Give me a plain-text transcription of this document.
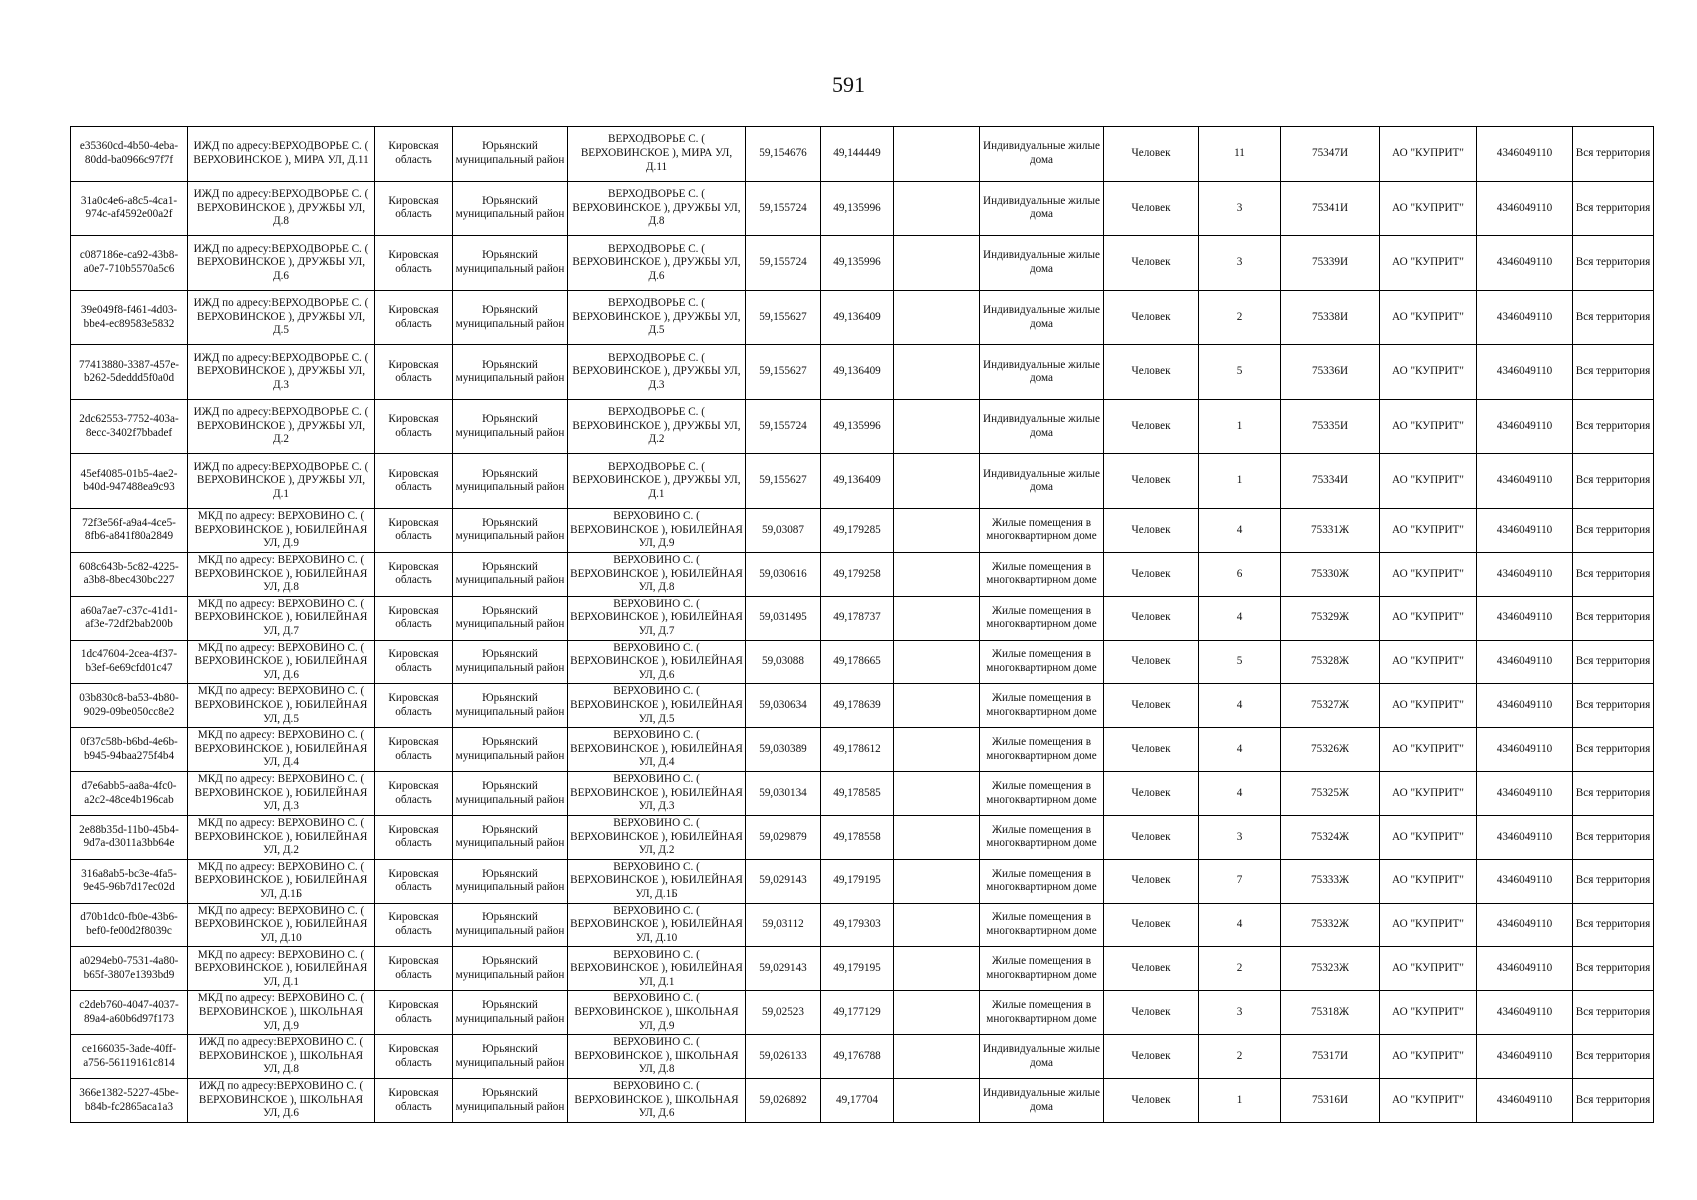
591
e35360cd-4b50-4eba-80dd-ba0966c97f7f	ИЖД по адресу:ВЕРХОДВОРЬЕ С. ( ВЕРХОВИНСКОЕ ), МИРА УЛ, Д.11	Кировская область	Юрьянский муниципальный район	ВЕРХОДВОРЬЕ С. ( ВЕРХОВИНСКОЕ ), МИРА УЛ, Д.11	59,154676	49,144449		Индивидуальные жилые дома	Человек	11	75347И	АО "КУПРИТ"	4346049110	Вся территория
31a0c4e6-a8c5-4ca1-974c-af4592e00a2f	ИЖД по адресу:ВЕРХОДВОРЬЕ С. ( ВЕРХОВИНСКОЕ ), ДРУЖБЫ УЛ, Д.8	Кировская область	Юрьянский муниципальный район	ВЕРХОДВОРЬЕ С. ( ВЕРХОВИНСКОЕ ), ДРУЖБЫ УЛ, Д.8	59,155724	49,135996		Индивидуальные жилые дома	Человек	3	75341И	АО "КУПРИТ"	4346049110	Вся территория
c087186e-ca92-43b8-a0e7-710b5570a5c6	ИЖД по адресу:ВЕРХОДВОРЬЕ С. ( ВЕРХОВИНСКОЕ ), ДРУЖБЫ УЛ, Д.6	Кировская область	Юрьянский муниципальный район	ВЕРХОДВОРЬЕ С. ( ВЕРХОВИНСКОЕ ), ДРУЖБЫ УЛ, Д.6	59,155724	49,135996		Индивидуальные жилые дома	Человек	3	75339И	АО "КУПРИТ"	4346049110	Вся территория
39e049f8-f461-4d03-bbe4-ec89583e5832	ИЖД по адресу:ВЕРХОДВОРЬЕ С. ( ВЕРХОВИНСКОЕ ), ДРУЖБЫ УЛ, Д.5	Кировская область	Юрьянский муниципальный район	ВЕРХОДВОРЬЕ С. ( ВЕРХОВИНСКОЕ ), ДРУЖБЫ УЛ, Д.5	59,155627	49,136409		Индивидуальные жилые дома	Человек	2	75338И	АО "КУПРИТ"	4346049110	Вся территория
77413880-3387-457e-b262-5deddd5f0a0d	ИЖД по адресу:ВЕРХОДВОРЬЕ С. ( ВЕРХОВИНСКОЕ ), ДРУЖБЫ УЛ, Д.3	Кировская область	Юрьянский муниципальный район	ВЕРХОДВОРЬЕ С. ( ВЕРХОВИНСКОЕ ), ДРУЖБЫ УЛ, Д.3	59,155627	49,136409		Индивидуальные жилые дома	Человек	5	75336И	АО "КУПРИТ"	4346049110	Вся территория
2dc62553-7752-403a-8ecc-3402f7bbadef	ИЖД по адресу:ВЕРХОДВОРЬЕ С. ( ВЕРХОВИНСКОЕ ), ДРУЖБЫ УЛ, Д.2	Кировская область	Юрьянский муниципальный район	ВЕРХОДВОРЬЕ С. ( ВЕРХОВИНСКОЕ ), ДРУЖБЫ УЛ, Д.2	59,155724	49,135996		Индивидуальные жилые дома	Человек	1	75335И	АО "КУПРИТ"	4346049110	Вся территория
45ef4085-01b5-4ae2-b40d-947488ea9c93	ИЖД по адресу:ВЕРХОДВОРЬЕ С. ( ВЕРХОВИНСКОЕ ), ДРУЖБЫ УЛ, Д.1	Кировская область	Юрьянский муниципальный район	ВЕРХОДВОРЬЕ С. ( ВЕРХОВИНСКОЕ ), ДРУЖБЫ УЛ, Д.1	59,155627	49,136409		Индивидуальные жилые дома	Человек	1	75334И	АО "КУПРИТ"	4346049110	Вся территория
72f3e56f-a9a4-4ce5-8fb6-a841f80a2849	МКД по адресу: ВЕРХОВИНО С. ( ВЕРХОВИНСКОЕ ), ЮБИЛЕЙНАЯ УЛ, Д.9	Кировская область	Юрьянский муниципальный район	ВЕРХОВИНО С. ( ВЕРХОВИНСКОЕ ), ЮБИЛЕЙНАЯ УЛ, Д.9	59,03087	49,179285		Жилые помещения в многоквартирном доме	Человек	4	75331Ж	АО "КУПРИТ"	4346049110	Вся территория
608c643b-5c82-4225-a3b8-8bec430bc227	МКД по адресу: ВЕРХОВИНО С. ( ВЕРХОВИНСКОЕ ), ЮБИЛЕЙНАЯ УЛ, Д.8	Кировская область	Юрьянский муниципальный район	ВЕРХОВИНО С. ( ВЕРХОВИНСКОЕ ), ЮБИЛЕЙНАЯ УЛ, Д.8	59,030616	49,179258		Жилые помещения в многоквартирном доме	Человек	6	75330Ж	АО "КУПРИТ"	4346049110	Вся территория
a60a7ae7-c37c-41d1-af3e-72df2bab200b	МКД по адресу: ВЕРХОВИНО С. ( ВЕРХОВИНСКОЕ ), ЮБИЛЕЙНАЯ УЛ, Д.7	Кировская область	Юрьянский муниципальный район	ВЕРХОВИНО С. ( ВЕРХОВИНСКОЕ ), ЮБИЛЕЙНАЯ УЛ, Д.7	59,031495	49,178737		Жилые помещения в многоквартирном доме	Человек	4	75329Ж	АО "КУПРИТ"	4346049110	Вся территория
1dc47604-2cea-4f37-b3ef-6e69cfd01c47	МКД по адресу: ВЕРХОВИНО С. ( ВЕРХОВИНСКОЕ ), ЮБИЛЕЙНАЯ УЛ, Д.6	Кировская область	Юрьянский муниципальный район	ВЕРХОВИНО С. ( ВЕРХОВИНСКОЕ ), ЮБИЛЕЙНАЯ УЛ, Д.6	59,03088	49,178665		Жилые помещения в многоквартирном доме	Человек	5	75328Ж	АО "КУПРИТ"	4346049110	Вся территория
03b830c8-ba53-4b80-9029-09be050cc8e2	МКД по адресу: ВЕРХОВИНО С. ( ВЕРХОВИНСКОЕ ), ЮБИЛЕЙНАЯ УЛ, Д.5	Кировская область	Юрьянский муниципальный район	ВЕРХОВИНО С. ( ВЕРХОВИНСКОЕ ), ЮБИЛЕЙНАЯ УЛ, Д.5	59,030634	49,178639		Жилые помещения в многоквартирном доме	Человек	4	75327Ж	АО "КУПРИТ"	4346049110	Вся территория
0f37c58b-b6bd-4e6b-b945-94baa275f4b4	МКД по адресу: ВЕРХОВИНО С. ( ВЕРХОВИНСКОЕ ), ЮБИЛЕЙНАЯ УЛ, Д.4	Кировская область	Юрьянский муниципальный район	ВЕРХОВИНО С. ( ВЕРХОВИНСКОЕ ), ЮБИЛЕЙНАЯ УЛ, Д.4	59,030389	49,178612		Жилые помещения в многоквартирном доме	Человек	4	75326Ж	АО "КУПРИТ"	4346049110	Вся территория
d7e6abb5-aa8a-4fc0-a2c2-48ce4b196cab	МКД по адресу: ВЕРХОВИНО С. ( ВЕРХОВИНСКОЕ ), ЮБИЛЕЙНАЯ УЛ, Д.3	Кировская область	Юрьянский муниципальный район	ВЕРХОВИНО С. ( ВЕРХОВИНСКОЕ ), ЮБИЛЕЙНАЯ УЛ, Д.3	59,030134	49,178585		Жилые помещения в многоквартирном доме	Человек	4	75325Ж	АО "КУПРИТ"	4346049110	Вся территория
2e88b35d-11b0-45b4-9d7a-d3011a3bb64e	МКД по адресу: ВЕРХОВИНО С. ( ВЕРХОВИНСКОЕ ), ЮБИЛЕЙНАЯ УЛ, Д.2	Кировская область	Юрьянский муниципальный район	ВЕРХОВИНО С. ( ВЕРХОВИНСКОЕ ), ЮБИЛЕЙНАЯ УЛ, Д.2	59,029879	49,178558		Жилые помещения в многоквартирном доме	Человек	3	75324Ж	АО "КУПРИТ"	4346049110	Вся территория
316a8ab5-bc3e-4fa5-9e45-96b7d17ec02d	МКД по адресу: ВЕРХОВИНО С. ( ВЕРХОВИНСКОЕ ), ЮБИЛЕЙНАЯ УЛ, Д.1Б	Кировская область	Юрьянский муниципальный район	ВЕРХОВИНО С. ( ВЕРХОВИНСКОЕ ), ЮБИЛЕЙНАЯ УЛ, Д.1Б	59,029143	49,179195		Жилые помещения в многоквартирном доме	Человек	7	75333Ж	АО "КУПРИТ"	4346049110	Вся территория
d70b1dc0-fb0e-43b6-bef0-fe00d2f8039c	МКД по адресу: ВЕРХОВИНО С. ( ВЕРХОВИНСКОЕ ), ЮБИЛЕЙНАЯ УЛ, Д.10	Кировская область	Юрьянский муниципальный район	ВЕРХОВИНО С. ( ВЕРХОВИНСКОЕ ), ЮБИЛЕЙНАЯ УЛ, Д.10	59,03112	49,179303		Жилые помещения в многоквартирном доме	Человек	4	75332Ж	АО "КУПРИТ"	4346049110	Вся территория
a0294eb0-7531-4a80-b65f-3807e1393bd9	МКД по адресу: ВЕРХОВИНО С. ( ВЕРХОВИНСКОЕ ), ЮБИЛЕЙНАЯ УЛ, Д.1	Кировская область	Юрьянский муниципальный район	ВЕРХОВИНО С. ( ВЕРХОВИНСКОЕ ), ЮБИЛЕЙНАЯ УЛ, Д.1	59,029143	49,179195		Жилые помещения в многоквартирном доме	Человек	2	75323Ж	АО "КУПРИТ"	4346049110	Вся территория
c2deb760-4047-4037-89a4-a60b6d97f173	МКД по адресу: ВЕРХОВИНО С. ( ВЕРХОВИНСКОЕ ), ШКОЛЬНАЯ УЛ, Д.9	Кировская область	Юрьянский муниципальный район	ВЕРХОВИНО С. ( ВЕРХОВИНСКОЕ ), ШКОЛЬНАЯ УЛ, Д.9	59,02523	49,177129		Жилые помещения в многоквартирном доме	Человек	3	75318Ж	АО "КУПРИТ"	4346049110	Вся территория
ce166035-3ade-40ff-a756-56119161c814	ИЖД по адресу:ВЕРХОВИНО С. ( ВЕРХОВИНСКОЕ ), ШКОЛЬНАЯ УЛ, Д.8	Кировская область	Юрьянский муниципальный район	ВЕРХОВИНО С. ( ВЕРХОВИНСКОЕ ), ШКОЛЬНАЯ УЛ, Д.8	59,026133	49,176788		Индивидуальные жилые дома	Человек	2	75317И	АО "КУПРИТ"	4346049110	Вся территория
366e1382-5227-45be-b84b-fc2865aca1a3	ИЖД по адресу:ВЕРХОВИНО С. ( ВЕРХОВИНСКОЕ ), ШКОЛЬНАЯ УЛ, Д.6	Кировская область	Юрьянский муниципальный район	ВЕРХОВИНО С. ( ВЕРХОВИНСКОЕ ), ШКОЛЬНАЯ УЛ, Д.6	59,026892	49,17704		Индивидуальные жилые дома	Человек	1	75316И	АО "КУПРИТ"	4346049110	Вся территория
